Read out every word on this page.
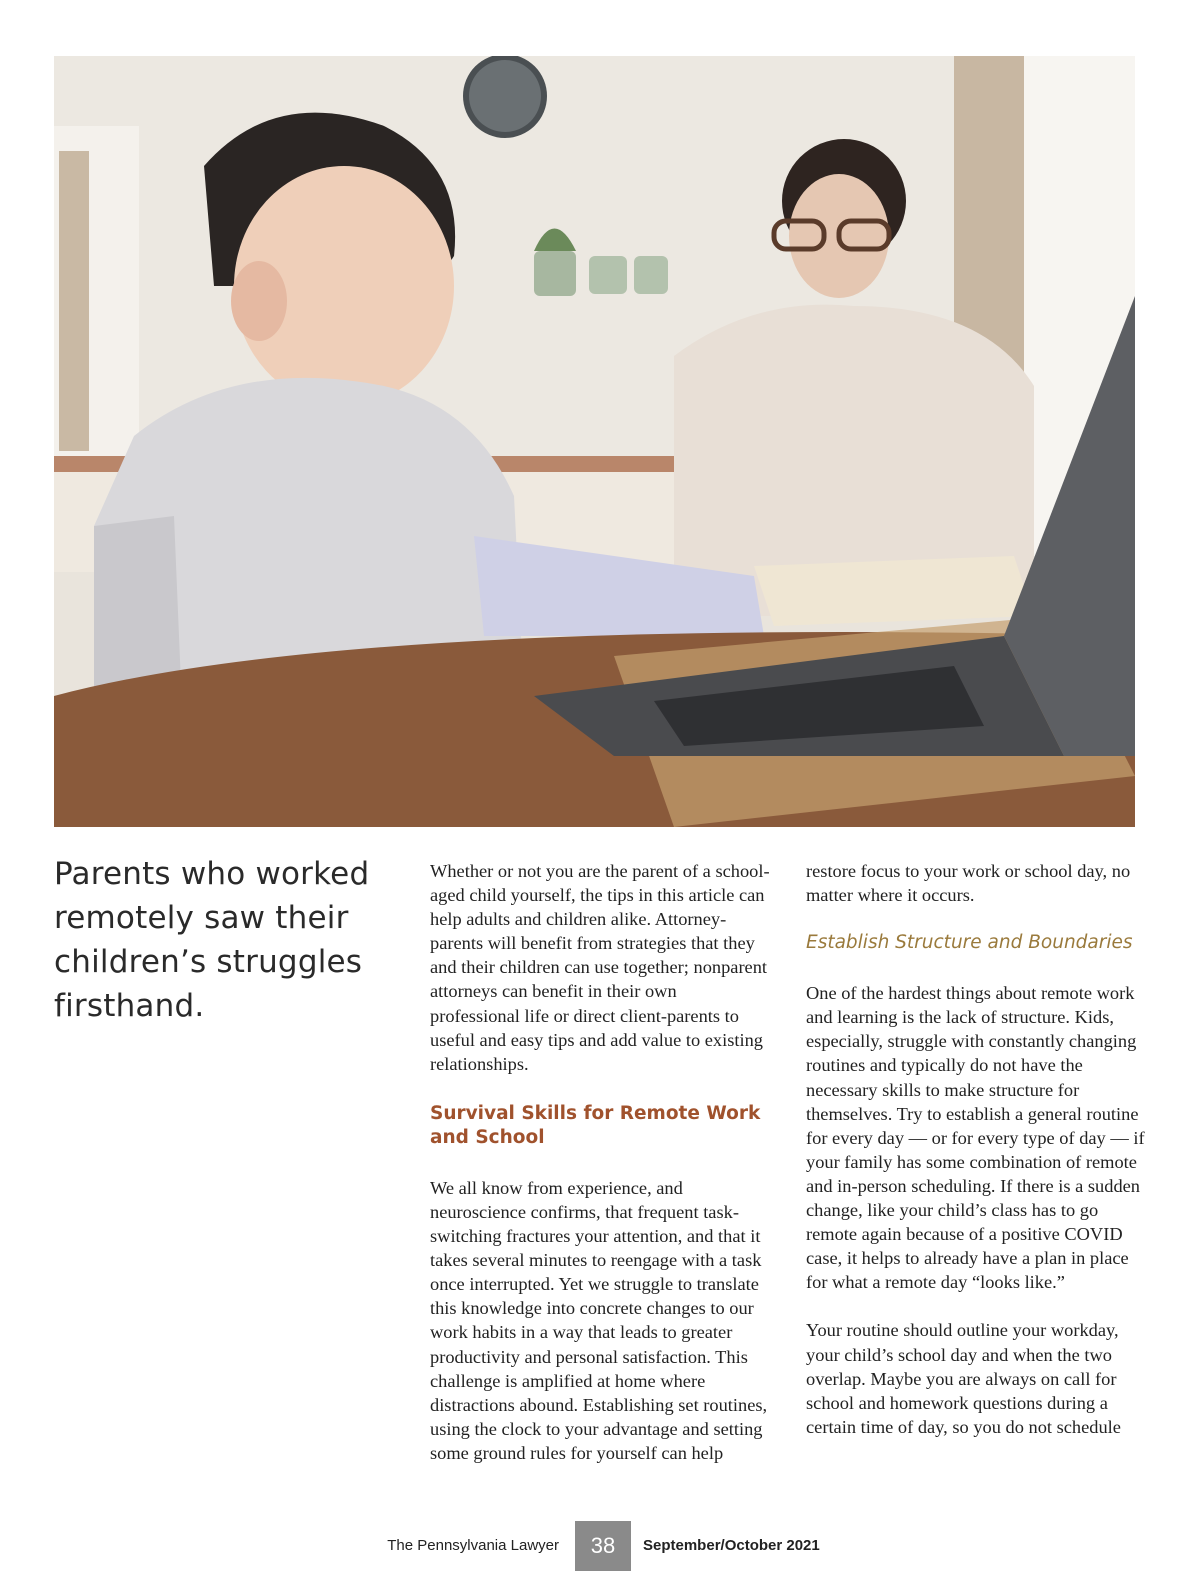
Parents who worked remotely saw their children’s struggles firsthand.

Whether or not you are the parent of a school-aged child yourself, the tips in this article can help adults and children alike. Attorney-parents will benefit from strategies that they and their children can use together; nonparent attorneys can benefit in their own professional life or direct client-parents to useful and easy tips and add value to existing relationships.

Survival Skills for Remote Work and School

We all know from experience, and neuroscience confirms, that frequent task-switching fractures your attention, and that it takes several minutes to reengage with a task once interrupted. Yet we struggle to translate this knowledge into concrete changes to our work habits in a way that leads to greater productivity and personal satisfaction. This challenge is amplified at home where distractions abound. Establishing set routines, using the clock to your advantage and setting some ground rules for yourself can help

restore focus to your work or school day, no matter where it occurs.

Establish Structure and Boundaries

One of the hardest things about remote work and learning is the lack of structure. Kids, especially, struggle with constantly changing routines and typically do not have the necessary skills to make structure for themselves. Try to establish a general routine for every day — or for every type of day — if your family has some combination of remote and in-person scheduling. If there is a sudden change, like your child’s class has to go remote again because of a positive COVID case, it helps to already have a plan in place for what a remote day “looks like.”

Your routine should outline your workday, your child’s school day and when the two overlap. Maybe you are always on call for school and homework questions during a certain time of day, so you do not schedule

The Pennsylvania Lawyer	38	September/October 2021
